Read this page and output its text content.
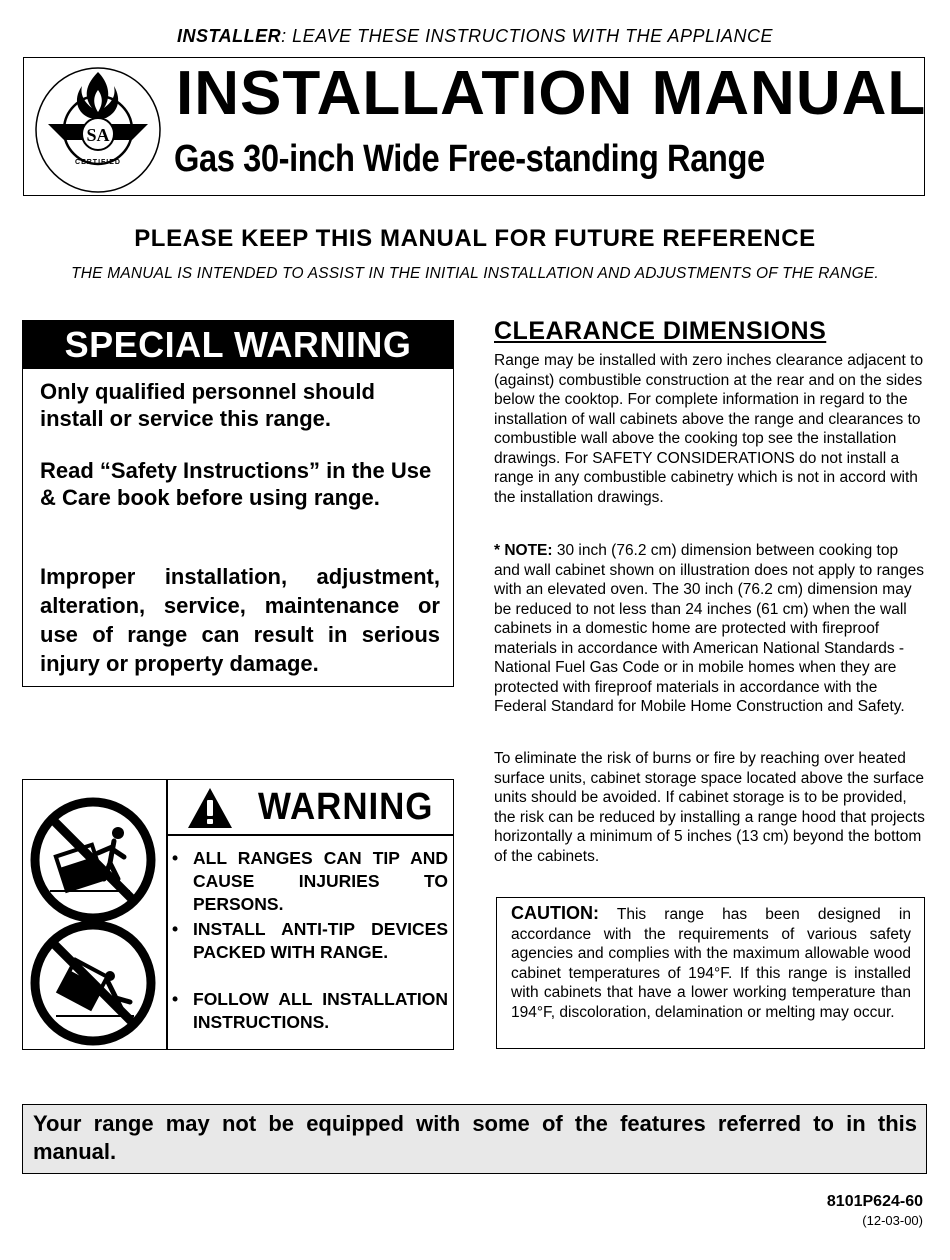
INSTALLER: LEAVE THESE INSTRUCTIONS WITH THE APPLIANCE
SA
CERTIFIED
INSTALLATION MANUAL
Gas 30-inch Wide Free-standing Range
PLEASE KEEP THIS MANUAL FOR FUTURE REFERENCE
THE MANUAL IS INTENDED TO ASSIST IN THE INITIAL INSTALLATION AND ADJUSTMENTS OF THE RANGE.
SPECIAL WARNING
Only qualified personnel should install or service this range.
Read “Safety Instructions” in the Use & Care book before using range.
Improper installation, adjustment, alteration, service, maintenance or use of range can result in serious injury or property damage.
WARNING
• ALL RANGES CAN TIP AND CAUSE INJURIES TO PERSONS.
• INSTALL ANTI-TIP DEVICES PACKED WITH RANGE.
• FOLLOW ALL INSTALLATION INSTRUCTIONS.
CLEARANCE DIMENSIONS
Range may be installed with zero inches clearance adjacent to (against) combustible construction at the rear and on the sides below the cooktop. For complete information in regard to the installation of wall cabinets above the range and clearances to combustible wall above the cooking top see the installation drawings. For SAFETY CONSIDERATIONS do not install a range in any combustible cabinetry which is not in accord with the installation drawings.
* NOTE: 30 inch (76.2 cm) dimension between cooking top and wall cabinet shown on illustration does not apply to ranges with an elevated oven. The 30 inch (76.2 cm) dimension may be reduced to not less than 24 inches (61 cm) when the wall cabinets in a domestic home are protected with fireproof materials in accordance with American National Standards - National Fuel Gas Code or in mobile homes when they are protected with fireproof materials in accordance with the Federal Standard for Mobile Home Construction and Safety.
To eliminate the risk of burns or fire by reaching over heated surface units, cabinet storage space located above the surface units should be avoided. If cabinet storage is to be provided, the risk can be reduced by installing a range hood that projects horizontally a minimum of 5 inches (13 cm) beyond the bottom of the cabinets.
CAUTION: This range has been designed in accordance with the requirements of various safety agencies and complies with the maximum allowable wood cabinet temperatures of 194°F. If this range is installed with cabinets that have a lower working temperature than 194°F, discoloration, delamination or melting may occur.
Your range may not be equipped with some of the features referred to in this manual.
8101P624-60
(12-03-00)
